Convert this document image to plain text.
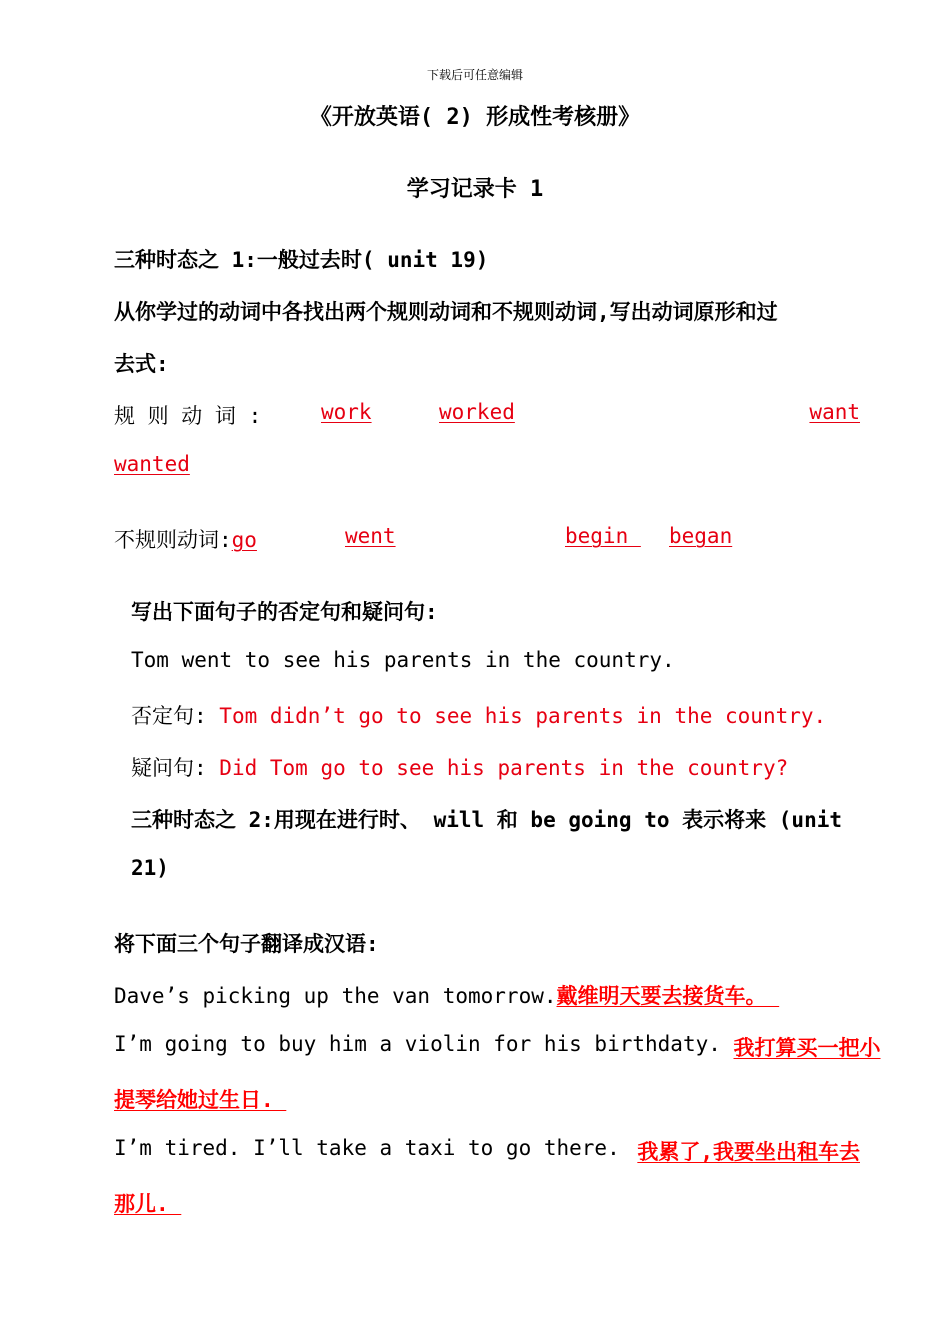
下载后可任意编辑
《开放英语( 2) 形成性考核册》
学习记录卡 1
三种时态之 1:一般过去时( unit 19)
从你学过的动词中各找出两个规则动词和不规则动词,写出动词原形和过
去式:
规 则 动 词 :	work	worked	want
wanted
不规则动词:go	went	begin began
写出下面句子的否定句和疑问句:
Tom went to see his parents in the country.
否定句: Tom didn’t go to see his parents in the country.
疑问句: Did Tom go to see his parents in the country?
三种时态之 2:用现在进行时、 will 和 be going to 表示将来 (unit
21)
将下面三个句子翻译成汉语:
Dave’s picking up the van tomorrow.戴维明天要去接货车。
I’m going to buy him a violin for his birthdaty. 我打算买一把小
提琴给她过生日.
I’m tired. I’ll take a taxi to go there. 我累了,我要坐出租车去
那儿.
